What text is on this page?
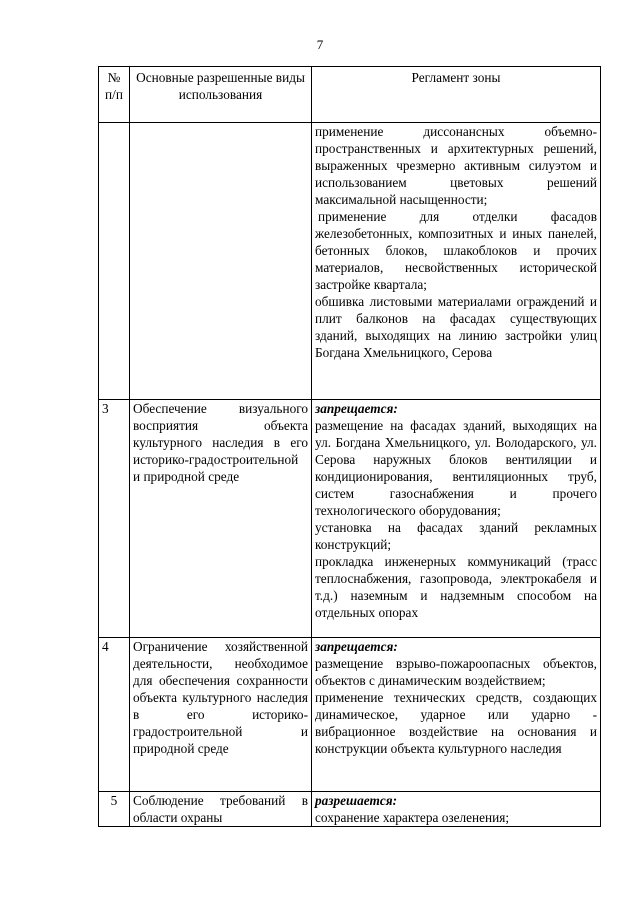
7
№ п/п	Основные разрешенные виды использования	Регламент зоны

		применение диссонансных объемно-пространственных и архитектурных решений, выраженных чрезмерно активным силуэтом и использованием цветовых решений максимальной насыщенности;

применение для отделки фасадов железобетонных, композитных и иных панелей, бетонных блоков, шлакоблоков и прочих материалов, несвойственных исторической застройке квартала;

обшивка листовыми материалами ограждений и плит балконов на фасадах существующих зданий, выходящих на линию застройки улиц Богдана Хмельницкого, Серова

3	Обеспечение визуального восприятия объекта культурного наследия в его историко-градостроительной и природной среде	запрещается:

размещение на фасадах зданий, выходящих на ул. Богдана Хмельницкого, ул. Володарского, ул. Серова наружных блоков вентиляции и кондиционирования, вентиляционных труб, систем газоснабжения и прочего технологического оборудования;

установка на фасадах зданий рекламных конструкций;

прокладка инженерных коммуникаций (трасс теплоснабжения, газопровода, электрокабеля и т.д.) наземным и надземным способом на отдельных опорах

4	Ограничение хозяйственной деятельности, необходимое для обеспечения сохранности объекта культурного наследия в его историко-градостроительной и природной среде	запрещается:

размещение взрыво-пожароопасных объектов, объектов с динамическим воздействием;

применение технических средств, создающих динамическое, ударное или ударно - вибрационное воздействие на основания и конструкции объекта культурного наследия

5	Соблюдение требований в области охраны	разрешается:

сохранение характера озеленения;
